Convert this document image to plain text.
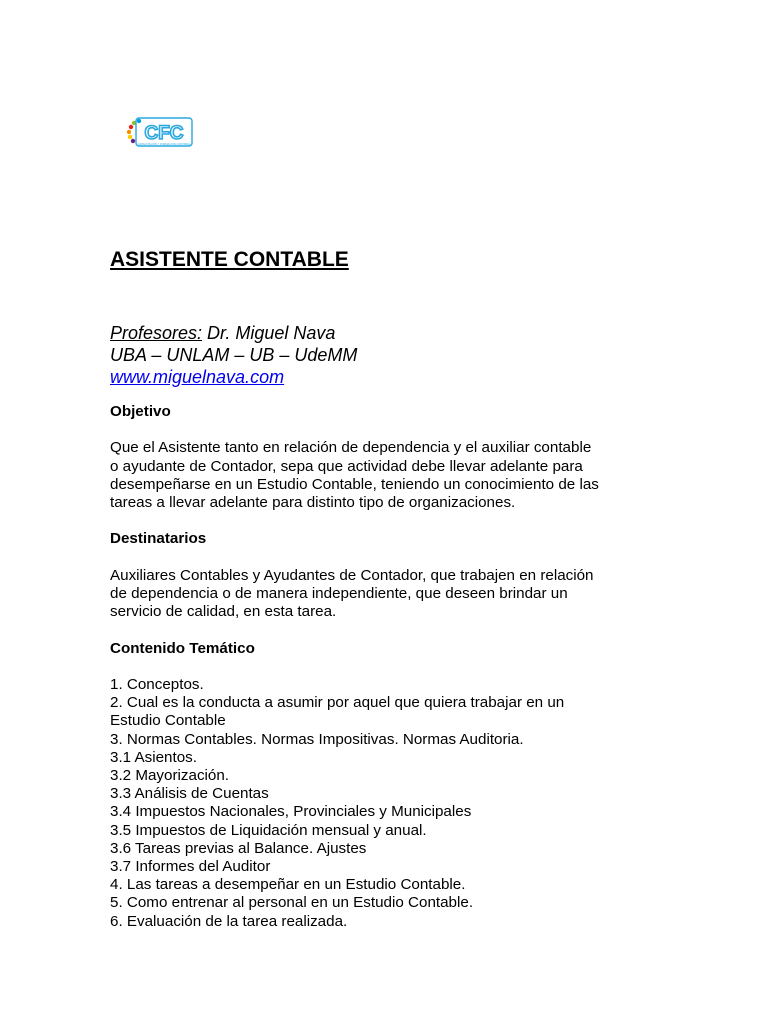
CFC
CAPACITACION Y FORMACION CONTABLE
ASISTENTE CONTABLE
Profesores: Dr. Miguel Nava
UBA – UNLAM – UB – UdeMM
www.miguelnava.com
Objetivo

Que el Asistente tanto en relación de dependencia y el auxiliar contable

o ayudante de Contador, sepa que actividad debe llevar adelante para

desempeñarse en un Estudio Contable, teniendo un conocimiento de las

tareas a llevar adelante para distinto tipo de organizaciones.

Destinatarios

Auxiliares Contables y Ayudantes de Contador, que trabajen en relación

de dependencia o de manera independiente, que deseen brindar un

servicio de calidad, en esta tarea.

Contenido Temático
1. Conceptos.
2. Cual es la conducta a asumir por aquel que quiera trabajar en un
Estudio Contable
3. Normas Contables. Normas Impositivas. Normas Auditoria.
3.1 Asientos.
3.2 Mayorización.
3.3 Análisis de Cuentas
3.4 Impuestos Nacionales, Provinciales y Municipales
3.5 Impuestos de Liquidación mensual y anual.
3.6 Tareas previas al Balance. Ajustes
3.7 Informes del Auditor
4. Las tareas a desempeñar en un Estudio Contable.
5. Como entrenar al personal en un Estudio Contable.
6. Evaluación de la tarea realizada.
